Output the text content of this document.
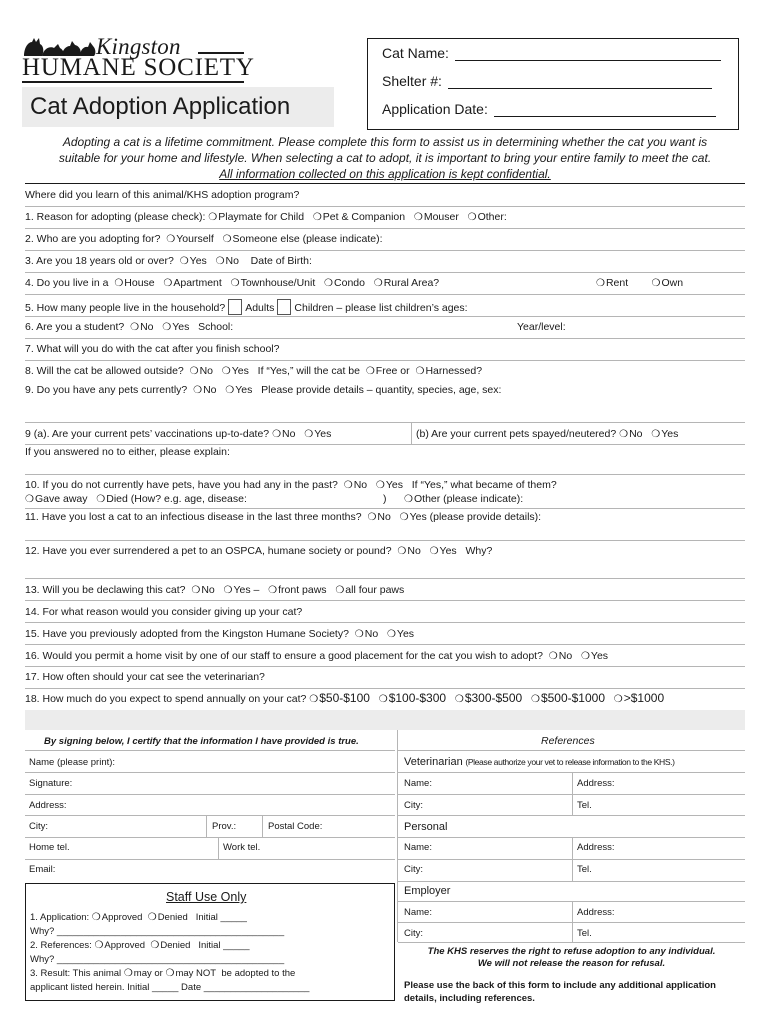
Kingston
HUMANE SOCIETY
Cat Adoption Application
Cat Name:
Shelter #:
Application Date:
Adopting a cat is a lifetime commitment. Please complete this form to assist us in determining whether the cat you want is
suitable for your home and lifestyle. When selecting a cat to adopt, it is important to bring your entire family to meet the cat.
All information collected on this application is kept confidential.
Where did you learn of this animal/KHS adoption program?
1. Reason for adopting (please check): ❍Playmate for Child ❍Pet & Companion ❍Mouser ❍Other:
2. Who are you adopting for? ❍Yourself ❍Someone else (please indicate):
3. Are you 18 years old or over? ❍Yes ❍No Date of Birth:
4. Do you live in a ❍House ❍Apartment ❍Townhouse/Unit ❍Condo ❍Rural Area?	❍Rent ❍Own
5. How many people live in the household? Adults Children – please list children’s ages:
6. Are you a student? ❍No ❍Yes School:	Year/level:
7. What will you do with the cat after you finish school?
8. Will the cat be allowed outside? ❍No ❍Yes If “Yes,” will the cat be ❍Free or ❍Harnessed?
9. Do you have any pets currently? ❍No ❍Yes Please provide details – quantity, species, age, sex:
9 (a). Are your current pets’ vaccinations up-to-date? ❍No ❍Yes	(b) Are your current pets spayed/neutered? ❍No ❍Yes
If you answered no to either, please explain:
10. If you do not currently have pets, have you had any in the past? ❍No ❍Yes If “Yes,” what became of them?
❍Gave away ❍Died (How? e.g. age, disease:	) ❍Other (please indicate):
11. Have you lost a cat to an infectious disease in the last three months? ❍No ❍Yes (please provide details):
12. Have you ever surrendered a pet to an OSPCA, humane society or pound? ❍No ❍Yes Why?
13. Will you be declawing this cat? ❍No ❍Yes – ❍front paws ❍all four paws
14. For what reason would you consider giving up your cat?
15. Have you previously adopted from the Kingston Humane Society? ❍No ❍Yes
16. Would you permit a home visit by one of our staff to ensure a good placement for the cat you wish to adopt? ❍No ❍Yes
17. How often should your cat see the veterinarian?
18. How much do you expect to spend annually on your cat? ❍$50-$100 ❍$100-$300 ❍$300-$500 ❍$500-$1000 ❍>$1000
By signing below, I certify that the information I have provided is true.
Name (please print):
Signature:
Address:
City:	Prov.:	Postal Code:
Home tel.	Work tel.
Email:
Staff Use Only
1. Application: ❍Approved ❍Denied Initial _____
Why? ___________________________________________
2. References: ❍Approved ❍Denied Initial _____
Why? ___________________________________________
3. Result: This animal ❍may or ❍may NOT be adopted to the
applicant listed herein. Initial _____ Date ____________________
References
Veterinarian (Please authorize your vet to release information to the KHS.)
Name:	Address:
City:	Tel.
Personal
Name:	Address:
City:	Tel.
Employer
Name:	Address:
City:	Tel.
The KHS reserves the right to refuse adoption to any individual.
We will not release the reason for refusal.
Please use the back of this form to include any additional application
details, including references.
